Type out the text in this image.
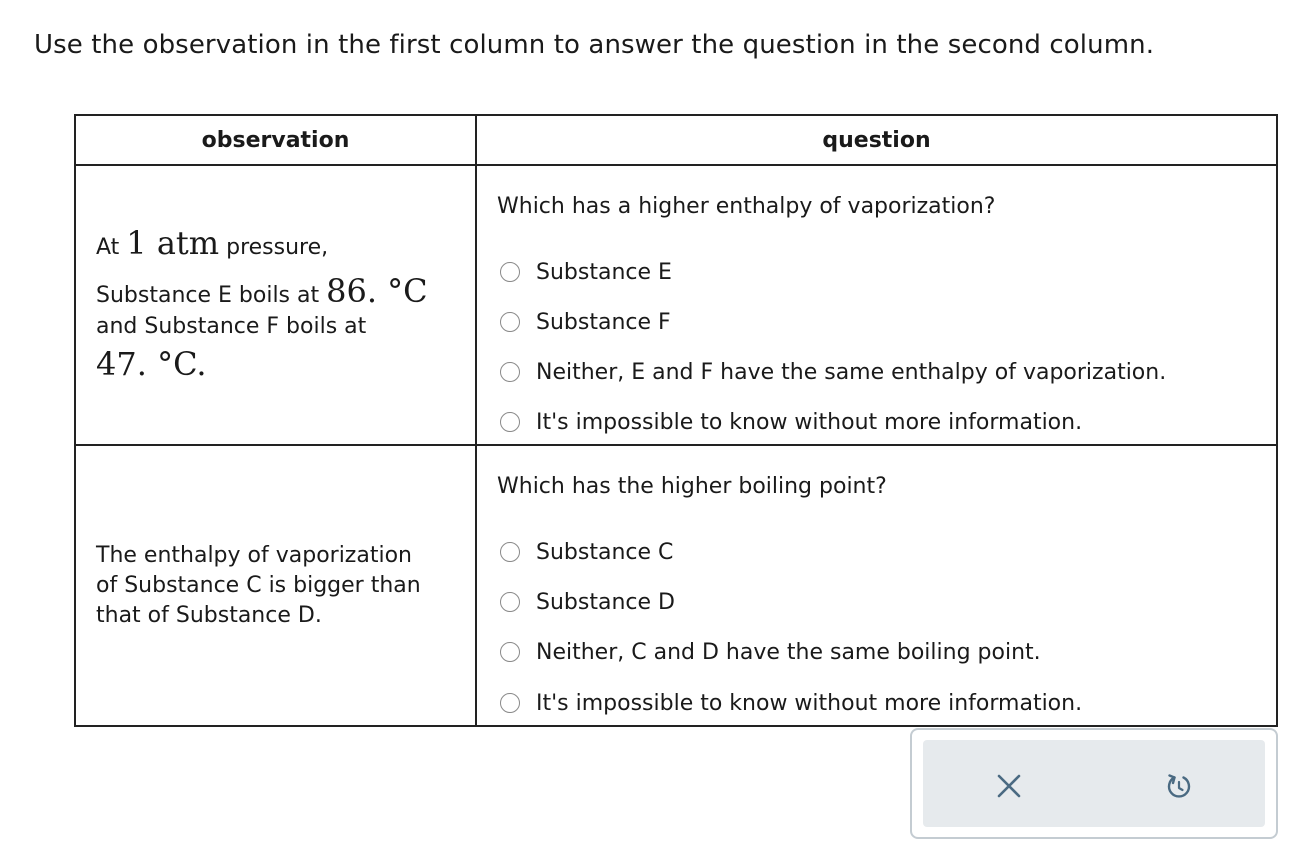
Use the observation in the first column to answer the question in the second column.
observation	question
At 1 atm pressure,
Substance E boils at 86. °C
and Substance F boils at
47. °C.
Which has a higher enthalpy of vaporization?
Substance E
Substance F
Neither, E and F have the same enthalpy of vaporization.
It's impossible to know without more information.
The enthalpy of vaporization
of Substance C is bigger than
that of Substance D.
Which has the higher boiling point?
Substance C
Substance D
Neither, C and D have the same boiling point.
It's impossible to know without more information.
